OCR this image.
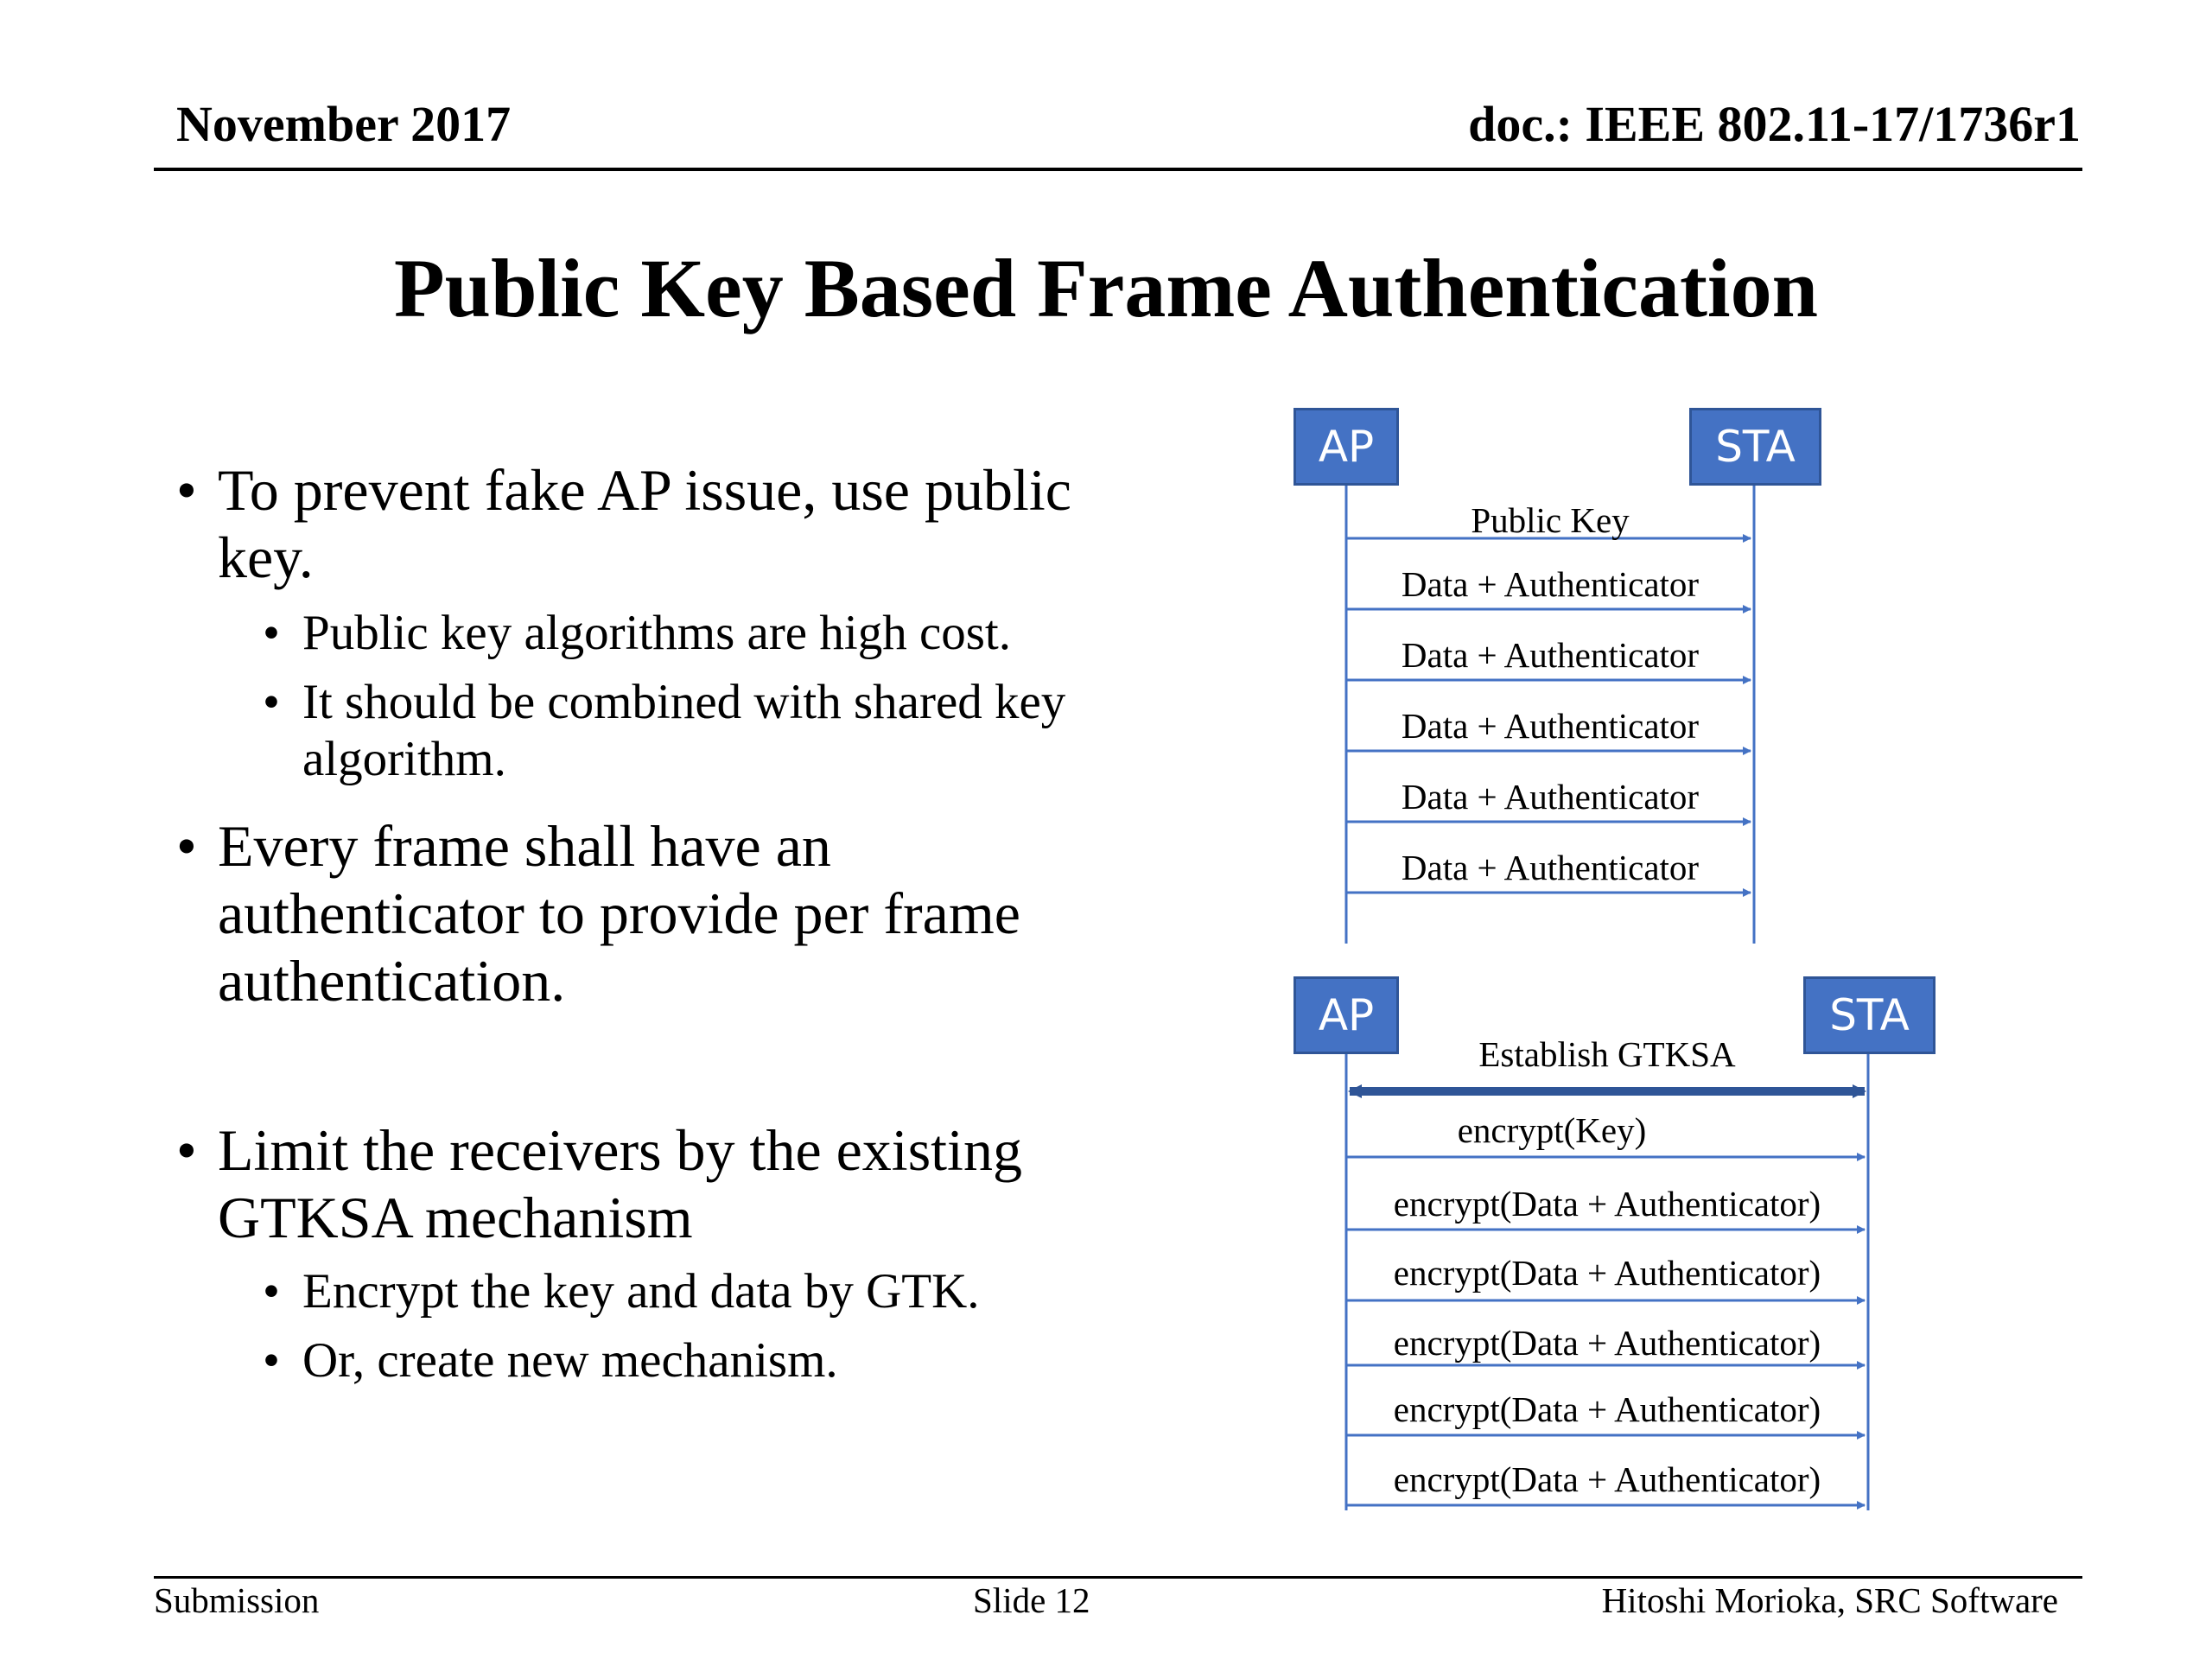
November 2017	doc.: IEEE 802.11-17/1736r1
Public Key Based Frame Authentication
• To prevent fake AP issue, use public key.
• Public key algorithms are high cost.
• It should be combined with shared key algorithm.
• Every frame shall have an authenticator to provide per frame authentication.
• Limit the receivers by the existing GTKSA mechanism
• Encrypt the key and data by GTK.
• Or, create new mechanism.
AP	STA
Public Key
Data + Authenticator
Data + Authenticator
Data + Authenticator
Data + Authenticator
Data + Authenticator
AP	STA
Establish GTKSA
encrypt(Key)
encrypt(Data + Authenticator)
encrypt(Data + Authenticator)
encrypt(Data + Authenticator)
encrypt(Data + Authenticator)
encrypt(Data + Authenticator)
Submission	Slide 12	Hitoshi Morioka, SRC Software
